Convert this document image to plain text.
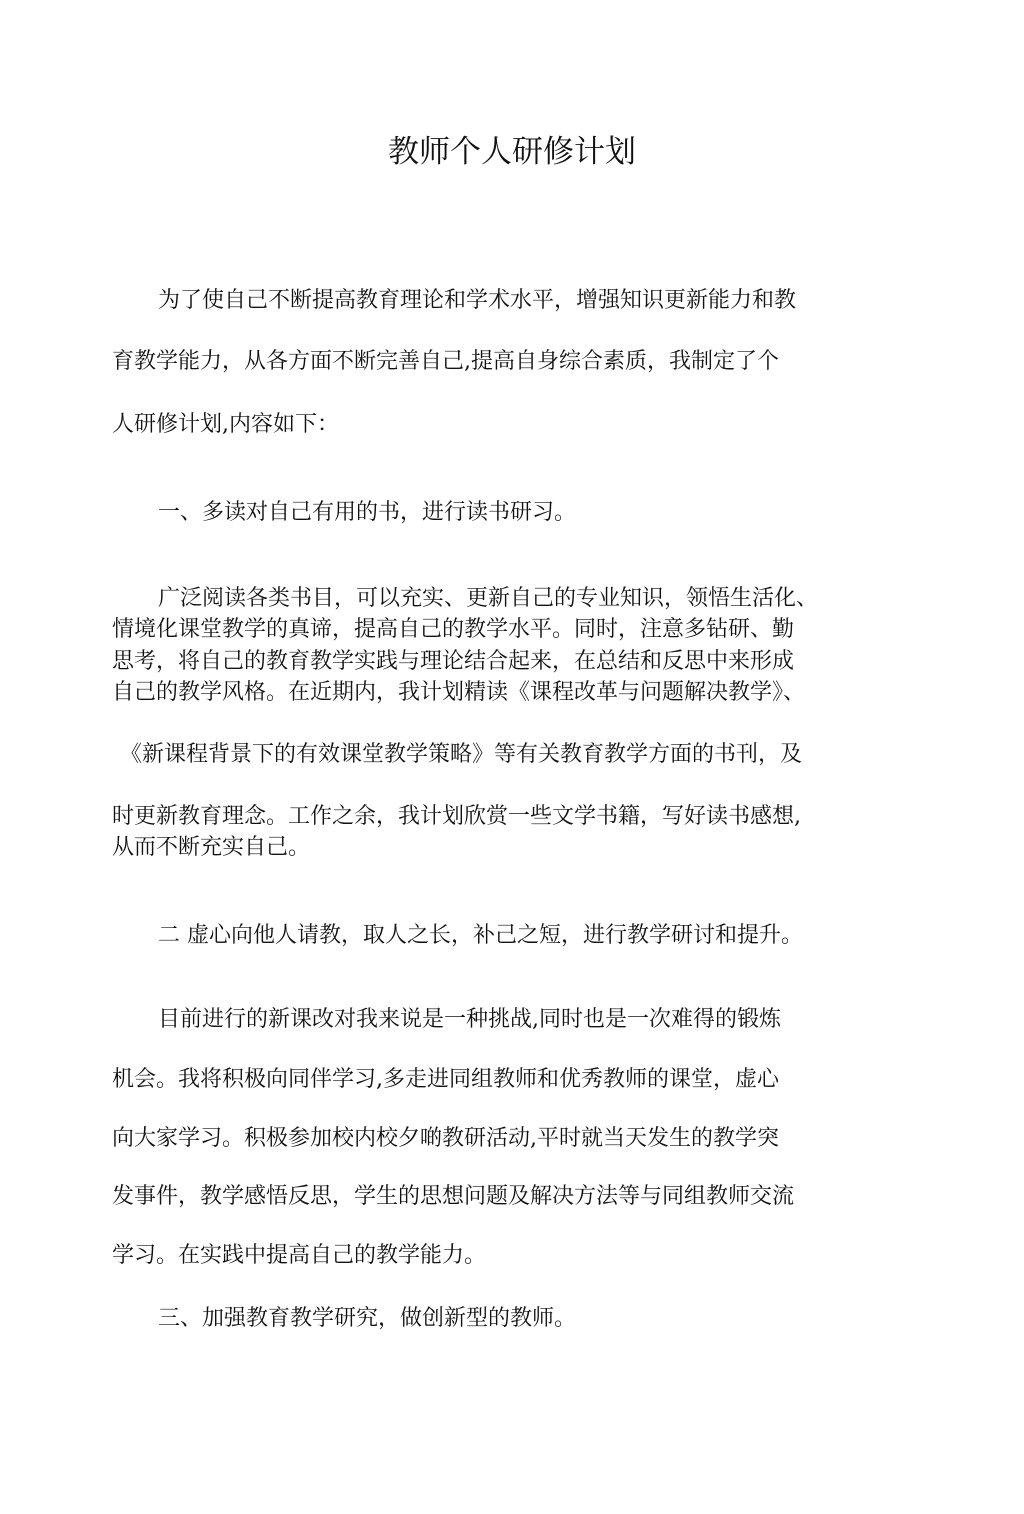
教师个人研修计划
为了使自己不断提高教育理论和学术水平，增强知识更新能力和教
育教学能力，从各方面不断完善自己,提高自身综合素质，我制定了个
人研修计划,内容如下：
一、多读对自己有用的书，进行读书研习。
广泛阅读各类书目，可以充实、更新自己的专业知识，领悟生活化、
情境化课堂教学的真谛，提高自己的教学水平。同时，注意多钻研、勤
思考，将自己的教育教学实践与理论结合起来，在总结和反思中来形成
自己的教学风格。在近期内，我计划精读《课程改革与问题解决教学》、
《新课程背景下的有效课堂教学策略》等有关教育教学方面的书刊，及
时更新教育理念。工作之余，我计划欣赏一些文学书籍，写好读书感想,
从而不断充实自己。
二 虚心向他人请教，取人之长，补己之短，进行教学研讨和提升。
目前进行的新课改对我来说是一种挑战,同时也是一次难得的锻炼
机会。我将积极向同伴学习,多走进同组教师和优秀教师的课堂，虚心
向大家学习。积极参加校内校夕啲教研活动,平时就当天发生的教学突
发事件，教学感悟反思，学生的思想问题及解决方法等与同组教师交流
学习。在实践中提高自己的教学能力。
三、加强教育教学研究，做创新型的教师。
